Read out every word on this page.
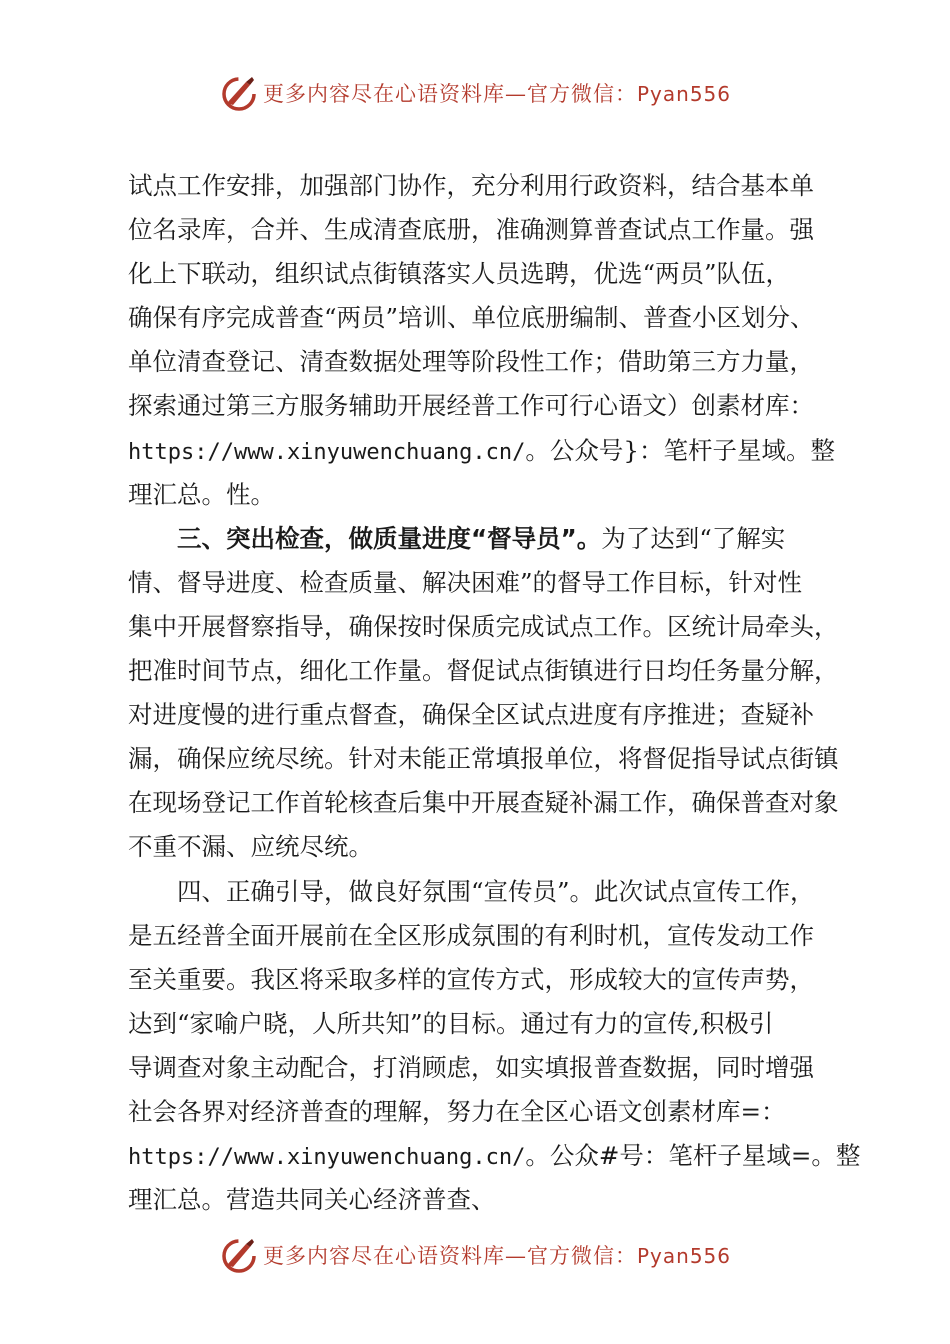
更多内容尽在心语资料库—官方微信：Pyan556
试点工作安排，加强部门协作，充分利用行政资料，结合基本单
位名录库，合并、生成清查底册，准确测算普查试点工作量。强
化上下联动，组织试点街镇落实人员选聘，优选“两员”队伍，
确保有序完成普查“两员”培训、单位底册编制、普查小区划分、
单位清查登记、清查数据处理等阶段性工作；借助第三方力量，
探索通过第三方服务辅助开展经普工作可行心语文）创素材库：
https://www.xinyuwenchuang.cn/。公众号}：笔杆子星域。整
理汇总。性。
三、突出检查，做质量进度“督导员”。为了达到“了解实
情、督导进度、检查质量、解决困难”的督导工作目标，针对性
集中开展督察指导，确保按时保质完成试点工作。区统计局牵头，
把准时间节点，细化工作量。督促试点街镇进行日均任务量分解，
对进度慢的进行重点督查，确保全区试点进度有序推进；查疑补
漏，确保应统尽统。针对未能正常填报单位，将督促指导试点街镇
在现场登记工作首轮核查后集中开展查疑补漏工作，确保普查对象
不重不漏、应统尽统。
四、正确引导，做良好氛围“宣传员”。此次试点宣传工作，
是五经普全面开展前在全区形成氛围的有利时机，宣传发动工作
至关重要。我区将采取多样的宣传方式，形成较大的宣传声势，
达到“家喻户晓，人所共知”的目标。通过有力的宣传,积极引
导调查对象主动配合，打消顾虑，如实填报普查数据，同时增强
社会各界对经济普查的理解，努力在全区心语文创素材库=：
https://www.xinyuwenchuang.cn/。公众#号：笔杆子星域=。整
理汇总。营造共同关心经济普查、
更多内容尽在心语资料库—官方微信：Pyan556
